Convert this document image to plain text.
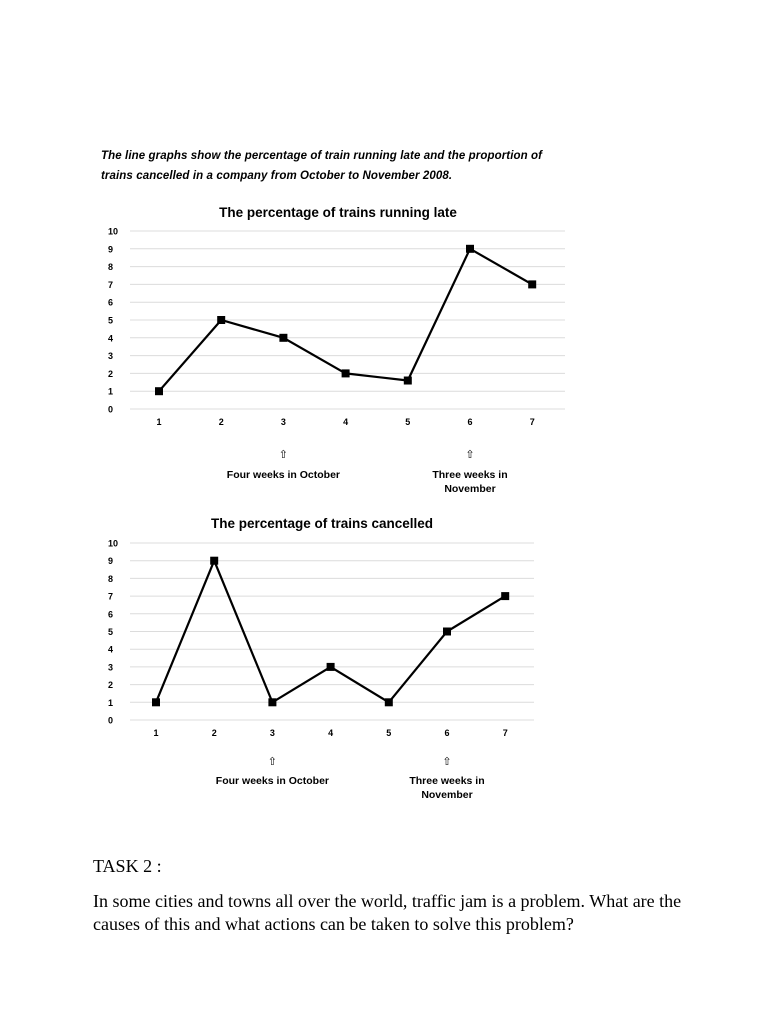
The line graphs show the percentage of train running late and the proportion of
trains cancelled in a company from October to November 2008.
The percentage of trains running late
0
1
2
3
4
5
6
7
8
9
10
1	2	3	4	5	6	7
⇧
Four weeks in October
⇧
Three weeks in
November
The percentage of trains cancelled
0
1
2
3
4
5
6
7
8
9
10
1	2	3	4	5	6	7
⇧
Four weeks in October
⇧
Three weeks in
November
TASK 2 :
In some cities and towns all over the world, traffic jam is a problem. What are the causes of this and what actions can be taken to solve this problem?
